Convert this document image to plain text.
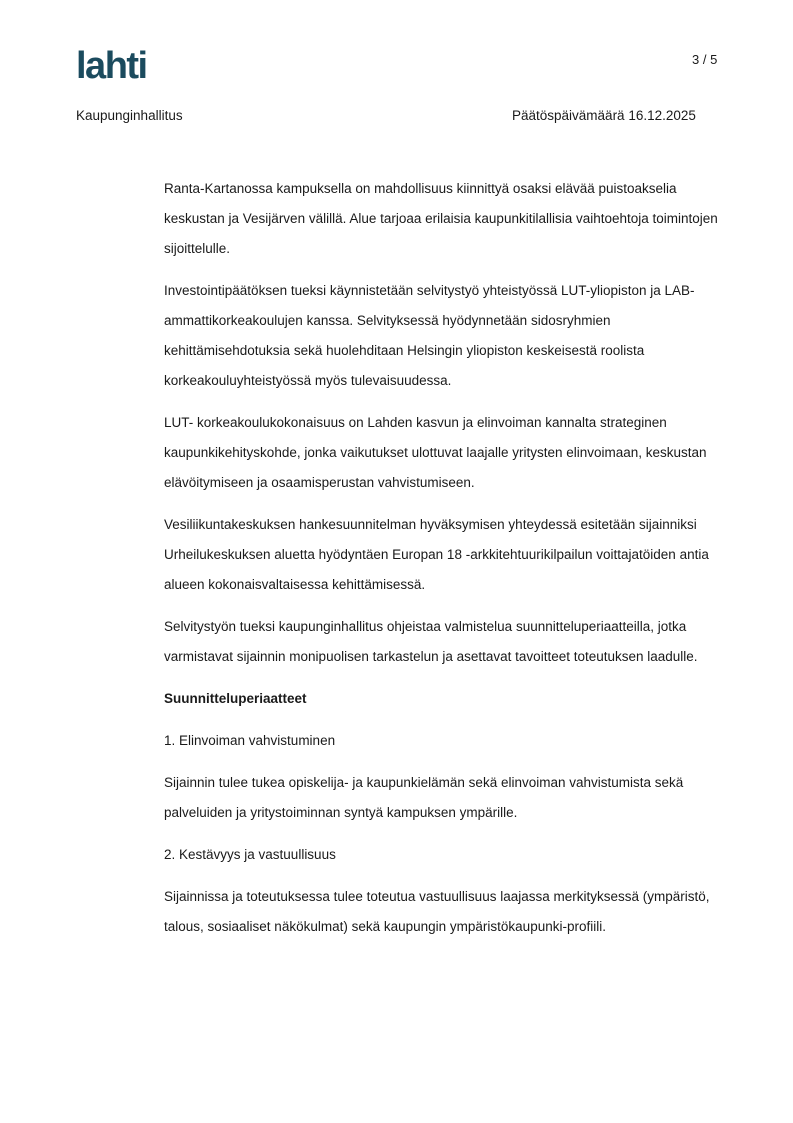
lahti	3 / 5
Kaupunginhallitus	Päätöspäivämäärä 16.12.2025

Ranta-Kartanossa kampuksella on mahdollisuus kiinnittyä osaksi elävää puistoakselia keskustan ja Vesijärven välillä. Alue tarjoaa erilaisia kaupunkitilallisia vaihtoehtoja toimintojen sijoittelulle.

Investointipäätöksen tueksi käynnistetään selvitystyö yhteistyössä LUT-yliopiston ja LAB-ammattikorkeakoulujen kanssa. Selvityksessä hyödynnetään sidosryhmien kehittämisehdotuksia sekä huolehditaan Helsingin yliopiston keskeisestä roolista korkeakouluyhteistyössä myös tulevaisuudessa.

LUT- korkeakoulukokonaisuus on Lahden kasvun ja elinvoiman kannalta strateginen kaupunkikehityskohde, jonka vaikutukset ulottuvat laajalle yritysten elinvoimaan, keskustan elävöitymiseen ja osaamisperustan vahvistumiseen.

Vesiliikuntakeskuksen hankesuunnitelman hyväksymisen yhteydessä esitetään sijainniksi Urheilukeskuksen aluetta hyödyntäen Europan 18 -arkkitehtuurikilpailun voittajatöiden antia alueen kokonaisvaltaisessa kehittämisessä.

Selvitystyön tueksi kaupunginhallitus ohjeistaa valmistelua suunnitteluperiaatteilla, jotka varmistavat sijainnin monipuolisen tarkastelun ja asettavat tavoitteet toteutuksen laadulle.

Suunnitteluperiaatteet

1. Elinvoiman vahvistuminen

Sijainnin tulee tukea opiskelija- ja kaupunkielämän sekä elinvoiman vahvistumista sekä palveluiden ja yritystoiminnan syntyä kampuksen ympärille.

2. Kestävyys ja vastuullisuus

Sijainnissa ja toteutuksessa tulee toteutua vastuullisuus laajassa merkityksessä (ympäristö, talous, sosiaaliset näkökulmat) sekä kaupungin ympäristökaupunki-profiili.
